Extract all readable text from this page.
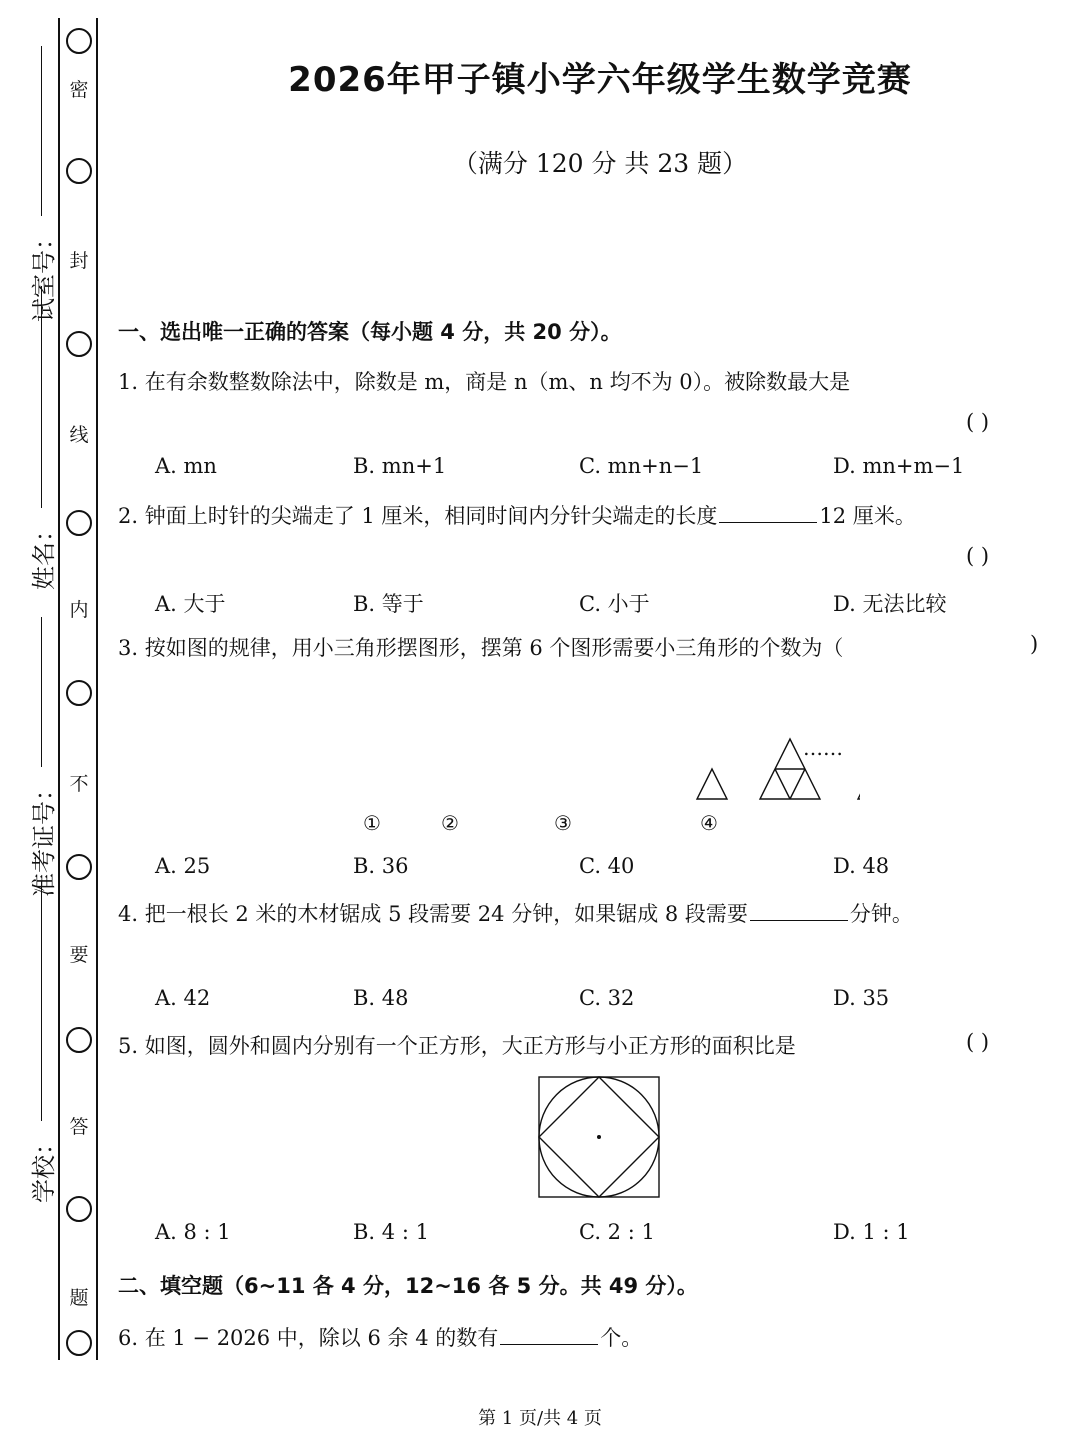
密
封
线
内
不
要
答
题
试室号：
姓名：
准考证号：
学校：
2026年甲子镇小学六年级学生数学竞赛
（满分 120 分 共 23 题）
一、选出唯一正确的答案（每小题 4 分，共 20 分）。
1. 在有余数整数除法中，除数是 m，商是 n（m、n 均不为 0）。被除数最大是
( )
A. mn	B. mn+1	C. mn+n−1	D. mn+m−1
2. 钟面上时针的尖端走了 1 厘米，相同时间内分针尖端走的长度	12 厘米。
( )
A. 大于	B. 等于	C. 小于	D. 无法比较
3. 按如图的规律，用小三角形摆图形，摆第 6 个图形需要小三角形的个数为（	)
①	②	③	④
……
A. 25	B. 36	C. 40	D. 48
4. 把一根长 2 米的木材锯成 5 段需要 24 分钟，如果锯成 8 段需要	分钟。
A. 42	B. 48	C. 32	D. 35
5. 如图，圆外和圆内分别有一个正方形，大正方形与小正方形的面积比是	( )
A. 8 : 1	B. 4 : 1	C. 2 : 1	D. 1 : 1
二、填空题（6~11 各 4 分，12~16 各 5 分。共 49 分）。
6. 在 1 − 2026 中，除以 6 余 4 的数有	个。
第 1 页/共 4 页
